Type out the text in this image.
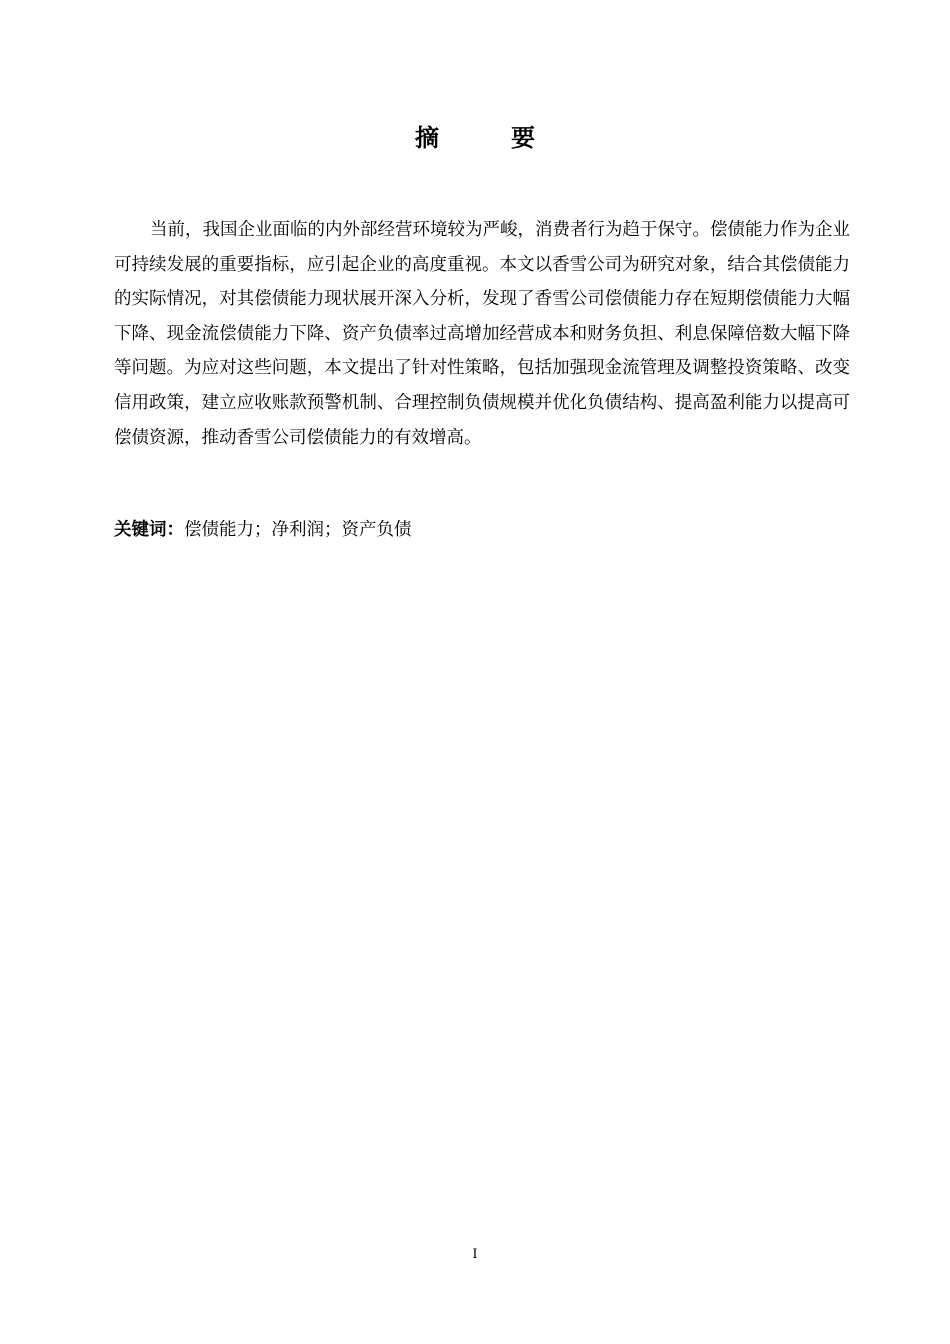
摘　要

当前，我国企业面临的内外部经营环境较为严峻，消费者行为趋于保守。偿债能力作为企业可持续发展的重要指标，应引起企业的高度重视。本文以香雪公司为研究对象，结合其偿债能力的实际情况，对其偿债能力现状展开深入分析，发现了香雪公司偿债能力存在短期偿债能力大幅下降、现金流偿债能力下降、资产负债率过高增加经营成本和财务负担、利息保障倍数大幅下降等问题。为应对这些问题，本文提出了针对性策略，包括加强现金流管理及调整投资策略、改变信用政策，建立应收账款预警机制、合理控制负债规模并优化负债结构、提高盈利能力以提高可偿债资源，推动香雪公司偿债能力的有效增高。

关键词：偿债能力；净利润；资产负债

I
